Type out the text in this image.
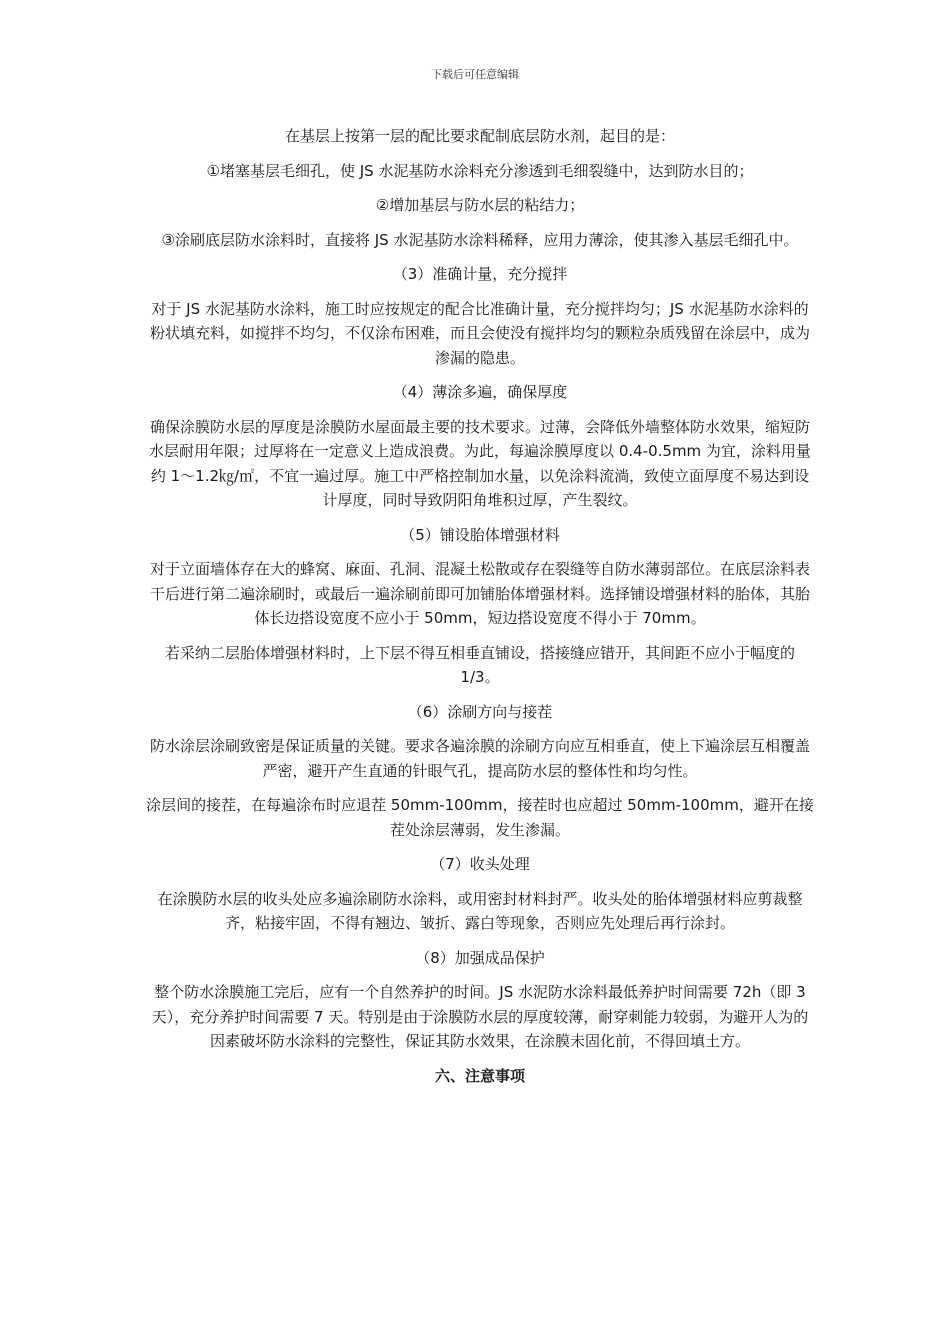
下载后可任意编辑

在基层上按第一层的配比要求配制底层防水剂，起目的是：

①堵塞基层毛细孔，使 JS 水泥基防水涂料充分渗透到毛细裂缝中，达到防水目的；

②增加基层与防水层的粘结力；

③涂刷底层防水涂料时，直接将 JS 水泥基防水涂料稀释，应用力薄涂，使其渗入基层毛细孔中。

（3）准确计量，充分搅拌

对于 JS 水泥基防水涂料，施工时应按规定的配合比准确计量，充分搅拌均匀；JS 水泥基防水涂料的粉状填充料，如搅拌不均匀，不仅涂布困难，而且会使没有搅拌均匀的颗粒杂质残留在涂层中，成为渗漏的隐患。

（4）薄涂多遍，确保厚度

确保涂膜防水层的厚度是涂膜防水屋面最主要的技术要求。过薄，会降低外墙整体防水效果，缩短防水层耐用年限；过厚将在一定意义上造成浪费。为此，每遍涂膜厚度以 0.4-0.5mm 为宜，涂料用量约 1～1.2㎏/㎡，不宜一遍过厚。施工中严格控制加水量，以免涂料流淌，致使立面厚度不易达到设计厚度，同时导致阴阳角堆积过厚，产生裂纹。

（5）铺设胎体增强材料

对于立面墙体存在大的蜂窝、麻面、孔洞、混凝土松散或存在裂缝等自防水薄弱部位。在底层涂料表干后进行第二遍涂刷时，或最后一遍涂刷前即可加铺胎体增强材料。选择铺设增强材料的胎体，其胎体长边搭设宽度不应小于 50mm，短边搭设宽度不得小于 70mm。

若采纳二层胎体增强材料时，上下层不得互相垂直铺设，搭接缝应错开，其间距不应小于幅度的 1/3。

（6）涂刷方向与接茬

防水涂层涂刷致密是保证质量的关键。要求各遍涂膜的涂刷方向应互相垂直，使上下遍涂层互相覆盖严密，避开产生直通的针眼气孔，提高防水层的整体性和均匀性。

涂层间的接茬，在每遍涂布时应退茬 50mm-100mm，接茬时也应超过 50mm-100mm，避开在接茬处涂层薄弱，发生渗漏。

（7）收头处理

在涂膜防水层的收头处应多遍涂刷防水涂料，或用密封材料封严。收头处的胎体增强材料应剪裁整齐，粘接牢固，不得有翘边、皱折、露白等现象，否则应先处理后再行涂封。

（8）加强成品保护

整个防水涂膜施工完后，应有一个自然养护的时间。JS 水泥防水涂料最低养护时间需要 72h（即 3 天），充分养护时间需要 7 天。特别是由于涂膜防水层的厚度较薄，耐穿刺能力较弱，为避开人为的因素破坏防水涂料的完整性，保证其防水效果，在涂膜未固化前，不得回填土方。

六、注意事项
